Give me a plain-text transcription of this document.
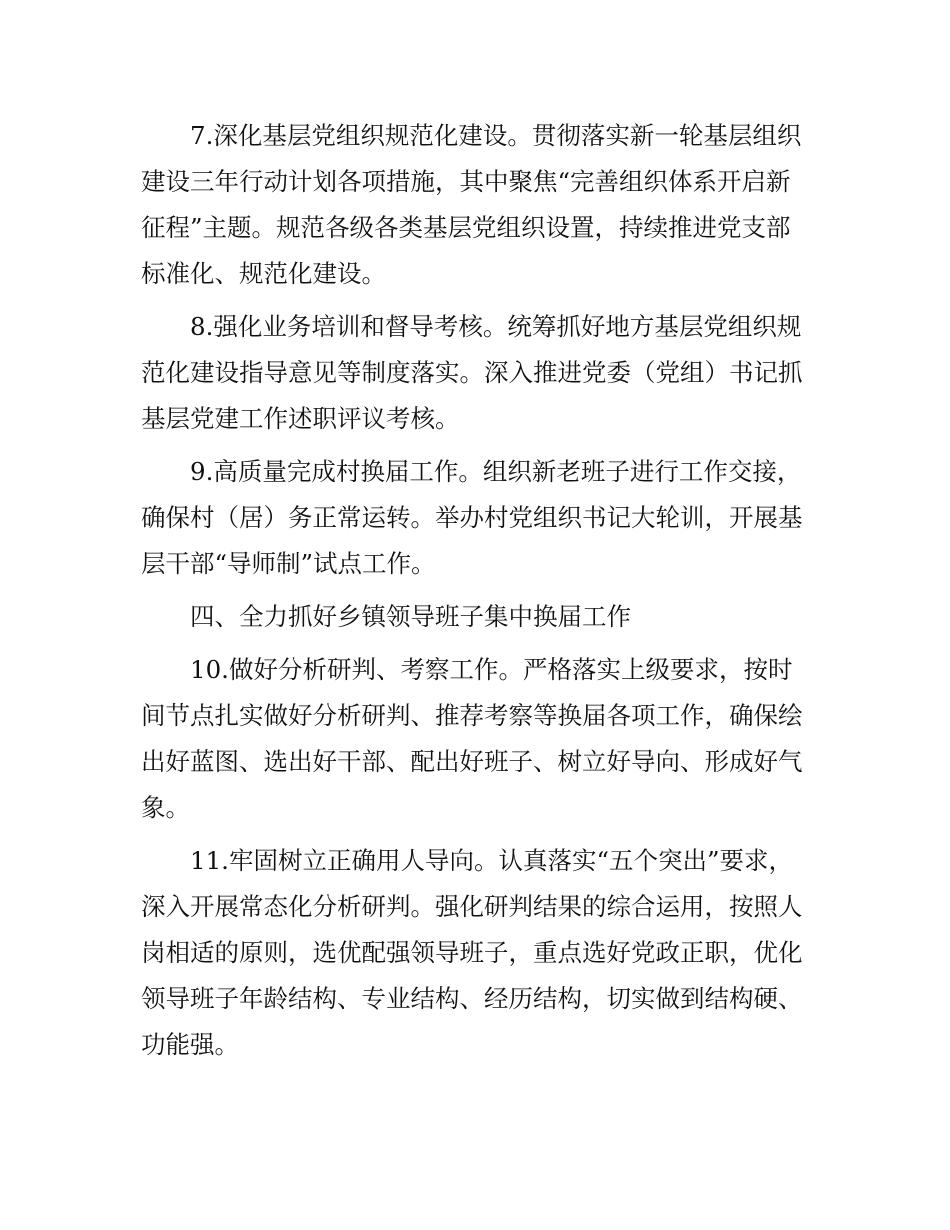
7.深化基层党组织规范化建设。贯彻落实新一轮基层组织
建设三年行动计划各项措施，其中聚焦“完善组织体系开启新
征程”主题。规范各级各类基层党组织设置，持续推进党支部
标准化、规范化建设。
8.强化业务培训和督导考核。统筹抓好地方基层党组织规
范化建设指导意见等制度落实。深入推进党委（党组）书记抓
基层党建工作述职评议考核。
9.高质量完成村换届工作。组织新老班子进行工作交接，
确保村（居）务正常运转。举办村党组织书记大轮训，开展基
层干部“导师制”试点工作。
四、全力抓好乡镇领导班子集中换届工作
10.做好分析研判、考察工作。严格落实上级要求，按时
间节点扎实做好分析研判、推荐考察等换届各项工作，确保绘
出好蓝图、选出好干部、配出好班子、树立好导向、形成好气
象。
11.牢固树立正确用人导向。认真落实“五个突出”要求，
深入开展常态化分析研判。强化研判结果的综合运用，按照人
岗相适的原则，选优配强领导班子，重点选好党政正职，优化
领导班子年龄结构、专业结构、经历结构，切实做到结构硬、
功能强。
